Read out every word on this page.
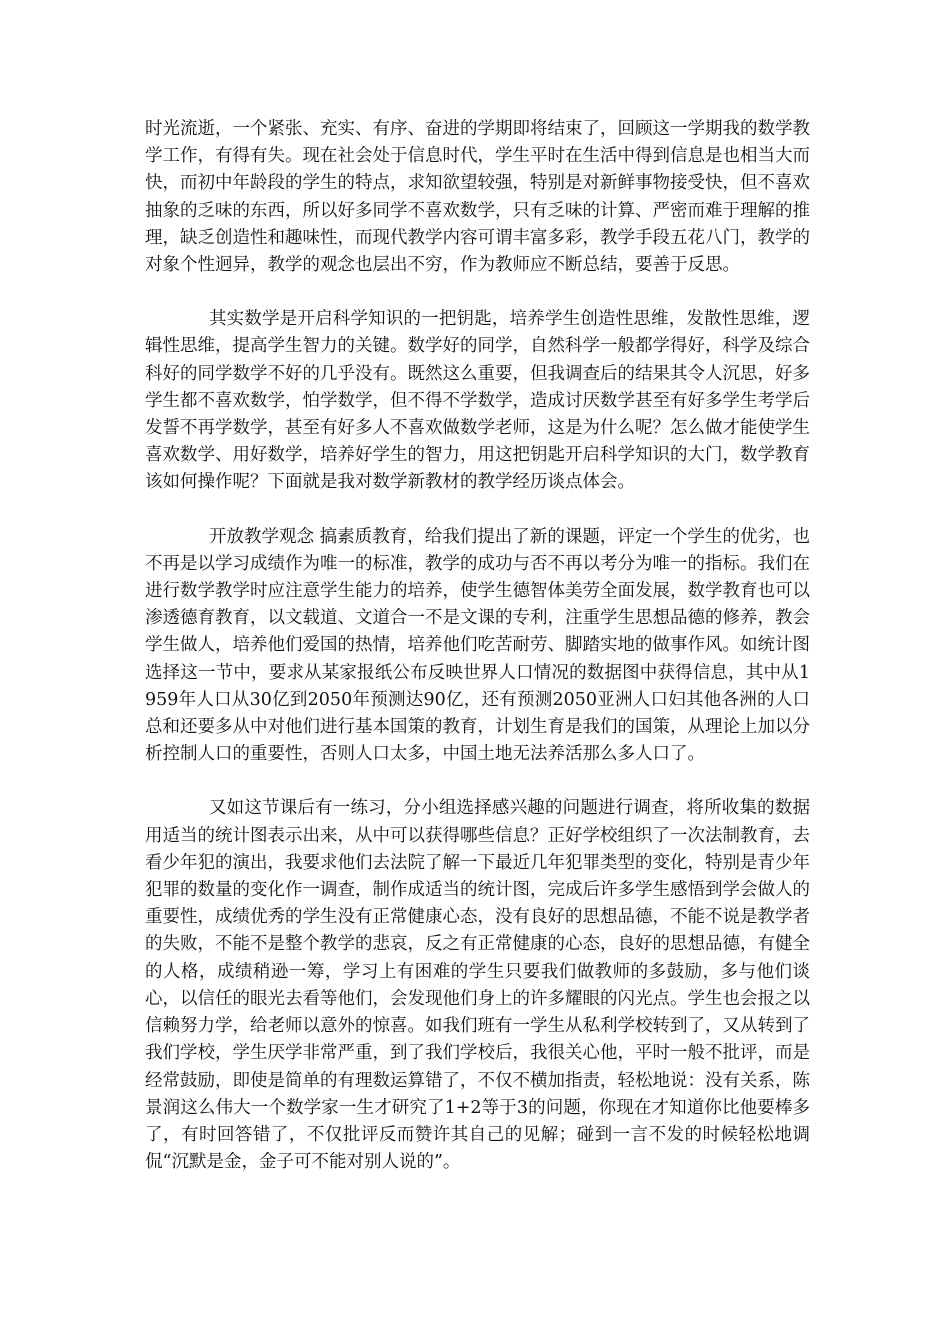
时光流逝，一个紧张、充实、有序、奋进的学期即将结束了，回顾这一学期我的数学教学工作，有得有失。现在社会处于信息时代，学生平时在生活中得到信息是也相当大而快，而初中年龄段的学生的特点，求知欲望较强，特别是对新鲜事物接受快，但不喜欢抽象的乏味的东西，所以好多同学不喜欢数学，只有乏味的计算、严密而难于理解的推理，缺乏创造性和趣味性，而现代教学内容可谓丰富多彩，教学手段五花八门，教学的对象个性迥异，教学的观念也层出不穷，作为教师应不断总结，要善于反思。

其实数学是开启科学知识的一把钥匙，培养学生创造性思维，发散性思维，逻辑性思维，提高学生智力的关键。数学好的同学，自然科学一般都学得好，科学及综合科好的同学数学不好的几乎没有。既然这么重要，但我调查后的结果其令人沉思，好多学生都不喜欢数学，怕学数学，但不得不学数学，造成讨厌数学甚至有好多学生考学后发誓不再学数学，甚至有好多人不喜欢做数学老师，这是为什么呢？怎么做才能使学生喜欢数学、用好数学，培养好学生的智力，用这把钥匙开启科学知识的大门，数学教育该如何操作呢？下面就是我对数学新教材的教学经历谈点体会。

开放教学观念 搞素质教育，给我们提出了新的课题，评定一个学生的优劣，也不再是以学习成绩作为唯一的标准，教学的成功与否不再以考分为唯一的指标。我们在进行数学教学时应注意学生能力的培养，使学生德智体美劳全面发展，数学教育也可以渗透德育教育，以文载道、文道合一不是文课的专利，注重学生思想品德的修养，教会学生做人，培养他们爱国的热情，培养他们吃苦耐劳、脚踏实地的做事作风。如统计图选择这一节中，要求从某家报纸公布反映世界人口情况的数据图中获得信息，其中从1959年人口从30亿到2050年预测达90亿，还有预测2050亚洲人口妇其他各洲的人口总和还要多从中对他们进行基本国策的教育，计划生育是我们的国策，从理论上加以分析控制人口的重要性，否则人口太多，中国土地无法养活那么多人口了。

又如这节课后有一练习，分小组选择感兴趣的问题进行调查，将所收集的数据用适当的统计图表示出来，从中可以获得哪些信息？正好学校组织了一次法制教育，去看少年犯的演出，我要求他们去法院了解一下最近几年犯罪类型的变化，特别是青少年犯罪的数量的变化作一调查，制作成适当的统计图，完成后许多学生感悟到学会做人的重要性，成绩优秀的学生没有正常健康心态，没有良好的思想品德，不能不说是教学者的失败，不能不是整个教学的悲哀，反之有正常健康的心态，良好的思想品德，有健全的人格，成绩稍逊一筹，学习上有困难的学生只要我们做教师的多鼓励，多与他们谈心，以信任的眼光去看等他们，会发现他们身上的许多耀眼的闪光点。学生也会报之以信赖努力学，给老师以意外的惊喜。如我们班有一学生从私利学校转到了，又从转到了我们学校，学生厌学非常严重，到了我们学校后，我很关心他，平时一般不批评，而是经常鼓励，即使是简单的有理数运算错了，不仅不横加指责，轻松地说：没有关系，陈景润这么伟大一个数学家一生才研究了1+2等于3的问题，你现在才知道你比他要棒多了，有时回答错了，不仅批评反而赞许其自己的见解；碰到一言不发的时候轻松地调侃“沉默是金，金子可不能对别人说的”。
